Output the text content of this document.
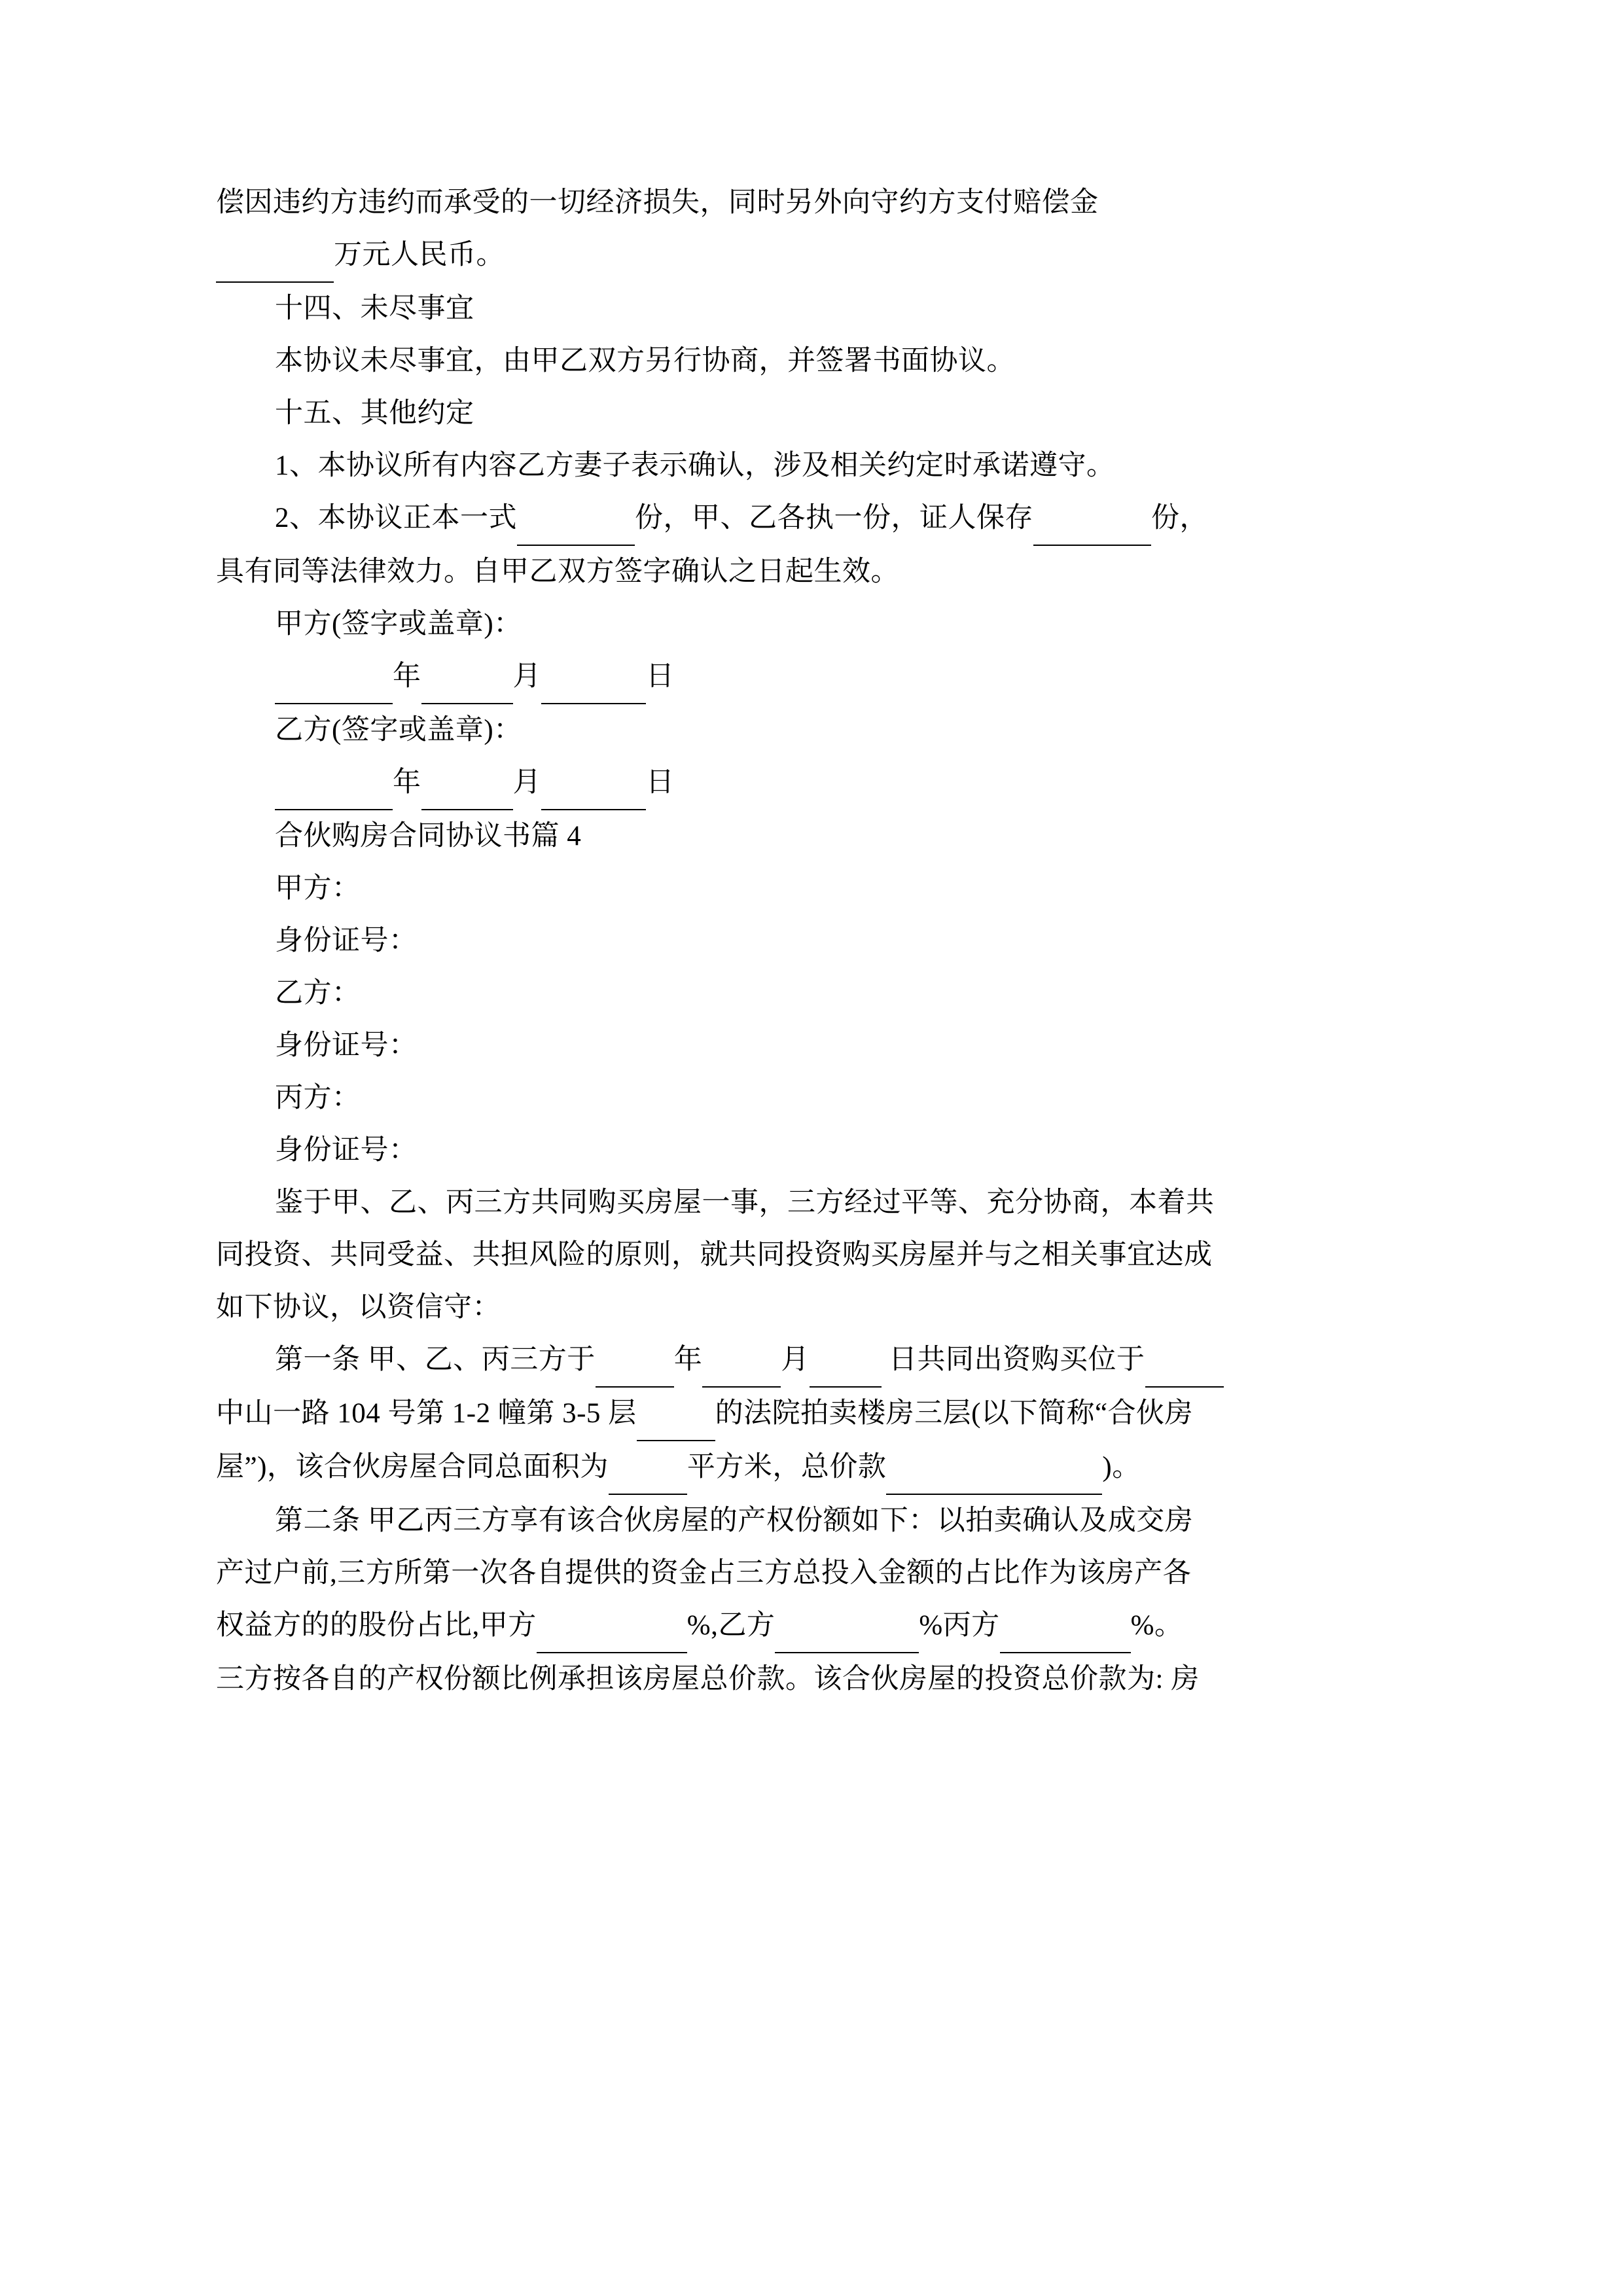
偿因违约方违约而承受的一切经济损失，同时另外向守约方支付赔偿金

万元人民币。

十四、未尽事宜

本协议未尽事宜，由甲乙双方另行协商，并签署书面协议。

十五、其他约定

1、本协议所有内容乙方妻子表示确认，涉及相关约定时承诺遵守。

2、本协议正本一式	份，甲、乙各执一份，证人保存	份，

具有同等法律效力。自甲乙双方签字确认之日起生效。

甲方(签字或盖章)：

年	月	日

乙方(签字或盖章)：

年	月	日

合伙购房合同协议书篇 4

甲方：

身份证号：

乙方：

身份证号：

丙方：

身份证号：

鉴于甲、乙、丙三方共同购买房屋一事，三方经过平等、充分协商，本着共

同投资、共同受益、共担风险的原则，就共同投资购买房屋并与之相关事宜达成

如下协议，以资信守：

第一条 甲、乙、丙三方于	年	月	日共同出资购买位于

中山一路 104 号第 1-2 幢第 3-5 层	的法院拍卖楼房三层(以下简称“合伙房

屋”)，该合伙房屋合同总面积为	平方米，总价款	)。

第二条 甲乙丙三方享有该合伙房屋的产权份额如下：以拍卖确认及成交房

产过户前,三方所第一次各自提供的资金占三方总投入金额的占比作为该房产各

权益方的的股份占比,甲方	%,乙方	%丙方	%。

三方按各自的产权份额比例承担该房屋总价款。该合伙房屋的投资总价款为: 房
